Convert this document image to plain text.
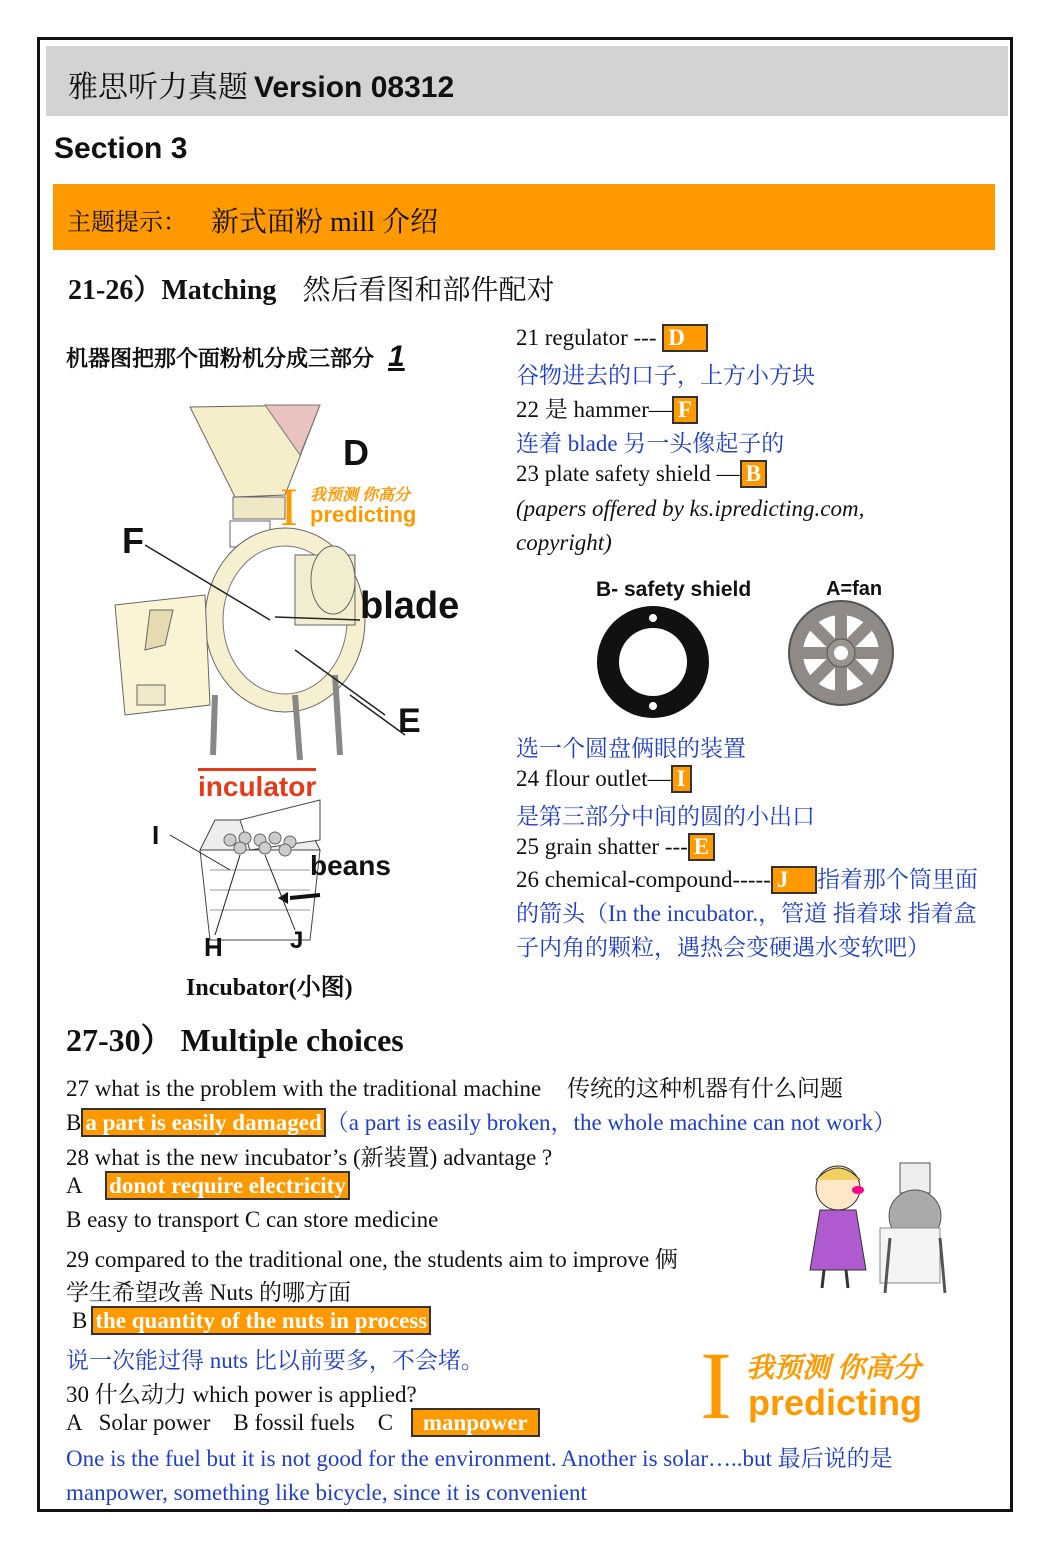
雅思听力真题 Version 08312
Section 3
主题提示： 新式面粉 mill 介绍
21-26）Matching 然后看图和部件配对
机器图把那个面粉机分成三部分 1
D
F
blade
E
I 我预测 你高分
predicting
inculator
I
beans
H	J
Incubator(小图)
21 regulator --- D
谷物进去的口子，上方小方块
22 是 hammer— F
连着 blade 另一头像起子的
23 plate safety shield — B
(papers offered by ks.ipredicting.com, copyright)
B- safety shield	A=fan
选一个圆盘俩眼的装置
24 flour outlet— I
是第三部分中间的圆的小出口
25 grain shatter --- E
26 chemical-compound----- J 指着那个筒里面的箭头（In the incubator.，管道 指着球 指着盒子内角的颗粒，遇热会变硬遇水变软吧）
27-30） Multiple choices
27 what is the problem with the traditional machine 传统的这种机器有什么问题
B a part is easily damaged （a part is easily broken，the whole machine can not work）
28 what is the new incubator’s (新装置) advantage ?
A donot require electricity
B easy to transport C can store medicine
29 compared to the traditional one, the students aim to improve 俩
学生希望改善 Nuts 的哪方面
B the quantity of the nuts in process
说一次能过得 nuts 比以前要多，不会堵。
30 什么动力 which power is applied?
A   Solar power    B fossil fuels    C manpower
One is the fuel but it is not good for the environment. Another is solar…..but 最后说的是 manpower, something like bicycle, since it is convenient
I 我预测 你高分
predicting
